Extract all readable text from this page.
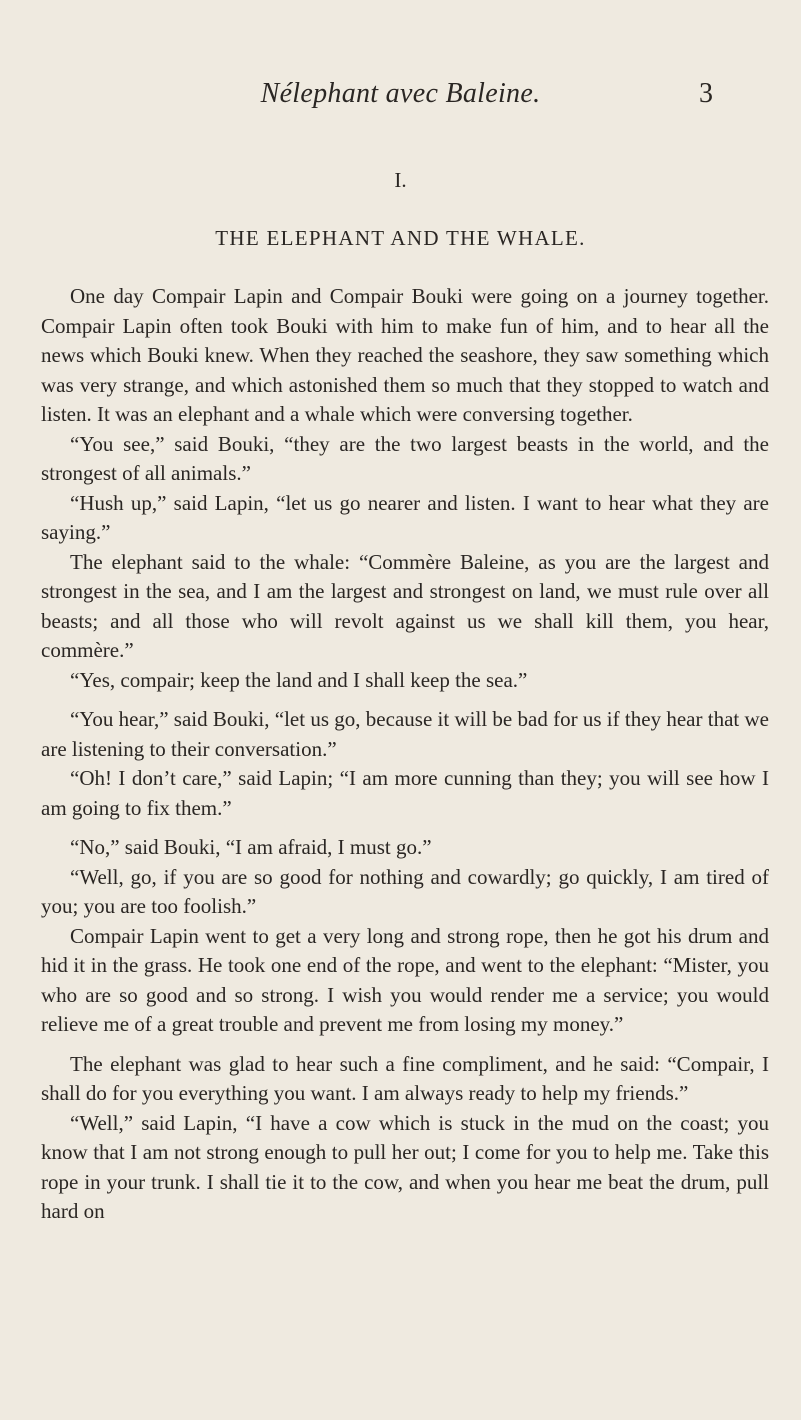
Nélephant avec Baleine.	3
I.
THE ELEPHANT AND THE WHALE.

One day Compair Lapin and Compair Bouki were going on a journey together. Compair Lapin often took Bouki with him to make fun of him, and to hear all the news which Bouki knew. When they reached the seashore, they saw something which was very strange, and which astonished them so much that they stopped to watch and listen. It was an elephant and a whale which were conversing together.

“You see,” said Bouki, “they are the two largest beasts in the world, and the strongest of all animals.”

“Hush up,” said Lapin, “let us go nearer and listen. I want to hear what they are saying.”

The elephant said to the whale: “Commère Baleine, as you are the largest and strongest in the sea, and I am the largest and strongest on land, we must rule over all beasts; and all those who will revolt against us we shall kill them, you hear, commère.”

“Yes, compair; keep the land and I shall keep the sea.”

“You hear,” said Bouki, “let us go, because it will be bad for us if they hear that we are listening to their conversation.”

“Oh! I don’t care,” said Lapin; “I am more cunning than they; you will see how I am going to fix them.”

“No,” said Bouki, “I am afraid, I must go.”

“Well, go, if you are so good for nothing and cowardly; go quickly, I am tired of you; you are too foolish.”

Compair Lapin went to get a very long and strong rope, then he got his drum and hid it in the grass. He took one end of the rope, and went to the elephant: “Mister, you who are so good and so strong. I wish you would render me a service; you would relieve me of a great trouble and prevent me from losing my money.”

The elephant was glad to hear such a fine compliment, and he said: “Compair, I shall do for you everything you want. I am always ready to help my friends.”

“Well,” said Lapin, “I have a cow which is stuck in the mud on the coast; you know that I am not strong enough to pull her out; I come for you to help me. Take this rope in your trunk. I shall tie it to the cow, and when you hear me beat the drum, pull hard on
